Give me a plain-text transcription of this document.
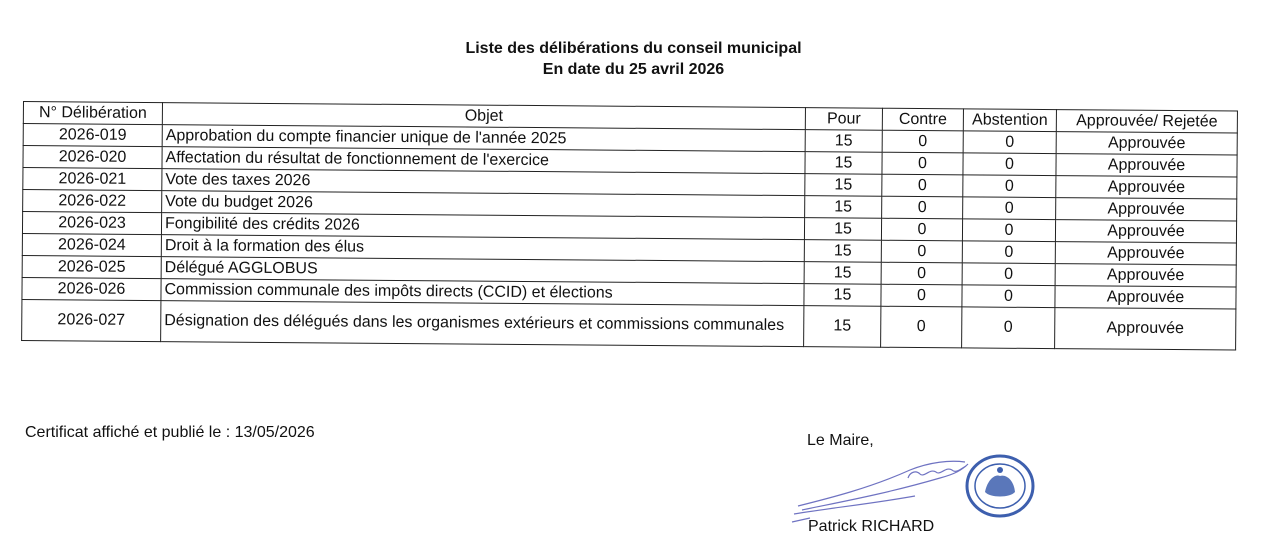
Liste des délibérations du conseil municipal
En date du 25 avril 2026
N° Délibération	Objet	Pour	Contre	Abstention	Approuvée/ Rejetée
2026-019	Approbation du compte financier unique de l'année 2025	15	0	0	Approuvée
2026-020	Affectation du résultat de fonctionnement de l'exercice	15	0	0	Approuvée
2026-021	Vote des taxes 2026	15	0	0	Approuvée
2026-022	Vote du budget 2026	15	0	0	Approuvée
2026-023	Fongibilité des crédits 2026	15	0	0	Approuvée
2026-024	Droit à la formation des élus	15	0	0	Approuvée
2026-025	Délégué AGGLOBUS	15	0	0	Approuvée
2026-026	Commission communale des impôts directs (CCID) et élections	15	0	0	Approuvée
2026-027	Désignation des délégués dans les organismes extérieurs et commissions communales	15	0	0	Approuvée
Certificat affiché et publié le : 13/05/2026	Le Maire,
Patrick RICHARD
